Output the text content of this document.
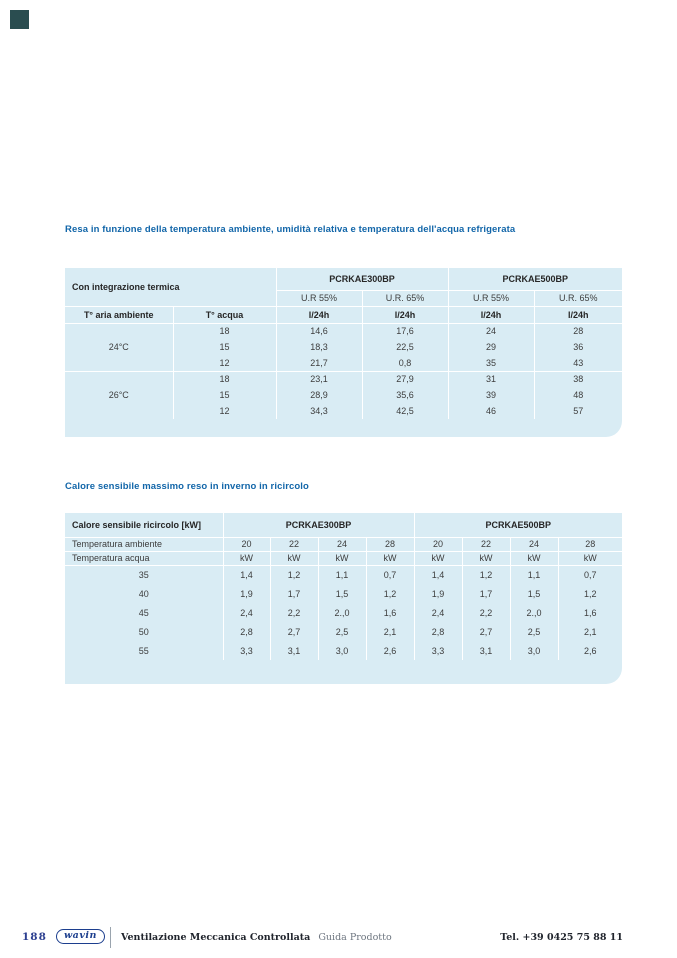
Resa in funzione della temperatura ambiente, umidità relativa e temperatura dell'acqua refrigerata
Con integrazione termica		PCRKAE300BP		PCRKAE500BP	
		U.R 55%	U.R. 65%	U.R 55%	U.R. 65%
T° aria ambiente	T° acqua	l/24h	l/24h	l/24h	l/24h
24°C	18	14,6	17,6	24	28
	15	18,3	22,5	29	36
	12	21,7	0,8	35	43
26°C	18	23,1	27,9	31	38
	15	28,9	35,6	39	48
	12	34,3	42,5	46	57

Calore sensibile massimo reso in inverno in ricircolo
Calore sensibile ricircolo [kW]	PCRKAE300BP				PCRKAE500BP			
Temperatura ambiente	20	22	24	28	20	22	24	28
Temperatura acqua	kW	kW	kW	kW	kW	kW	kW	kW
35	1,4	1,2	1,1	0,7	1,4	1,2	1,1	0,7
40	1,9	1,7	1,5	1,2	1,9	1,7	1,5	1,2
45	2,4	2,2	2.,0	1,6	2,4	2,2	2.,0	1,6
50	2,8	2,7	2,5	2,1	2,8	2,7	2,5	2,1
55	3,3	3,1	3,0	2,6	3,3	3,1	3,0	2,6

188	wavin	Ventilazione Meccanica Controllata Guida Prodotto	Tel. +39 0425 75 88 11
